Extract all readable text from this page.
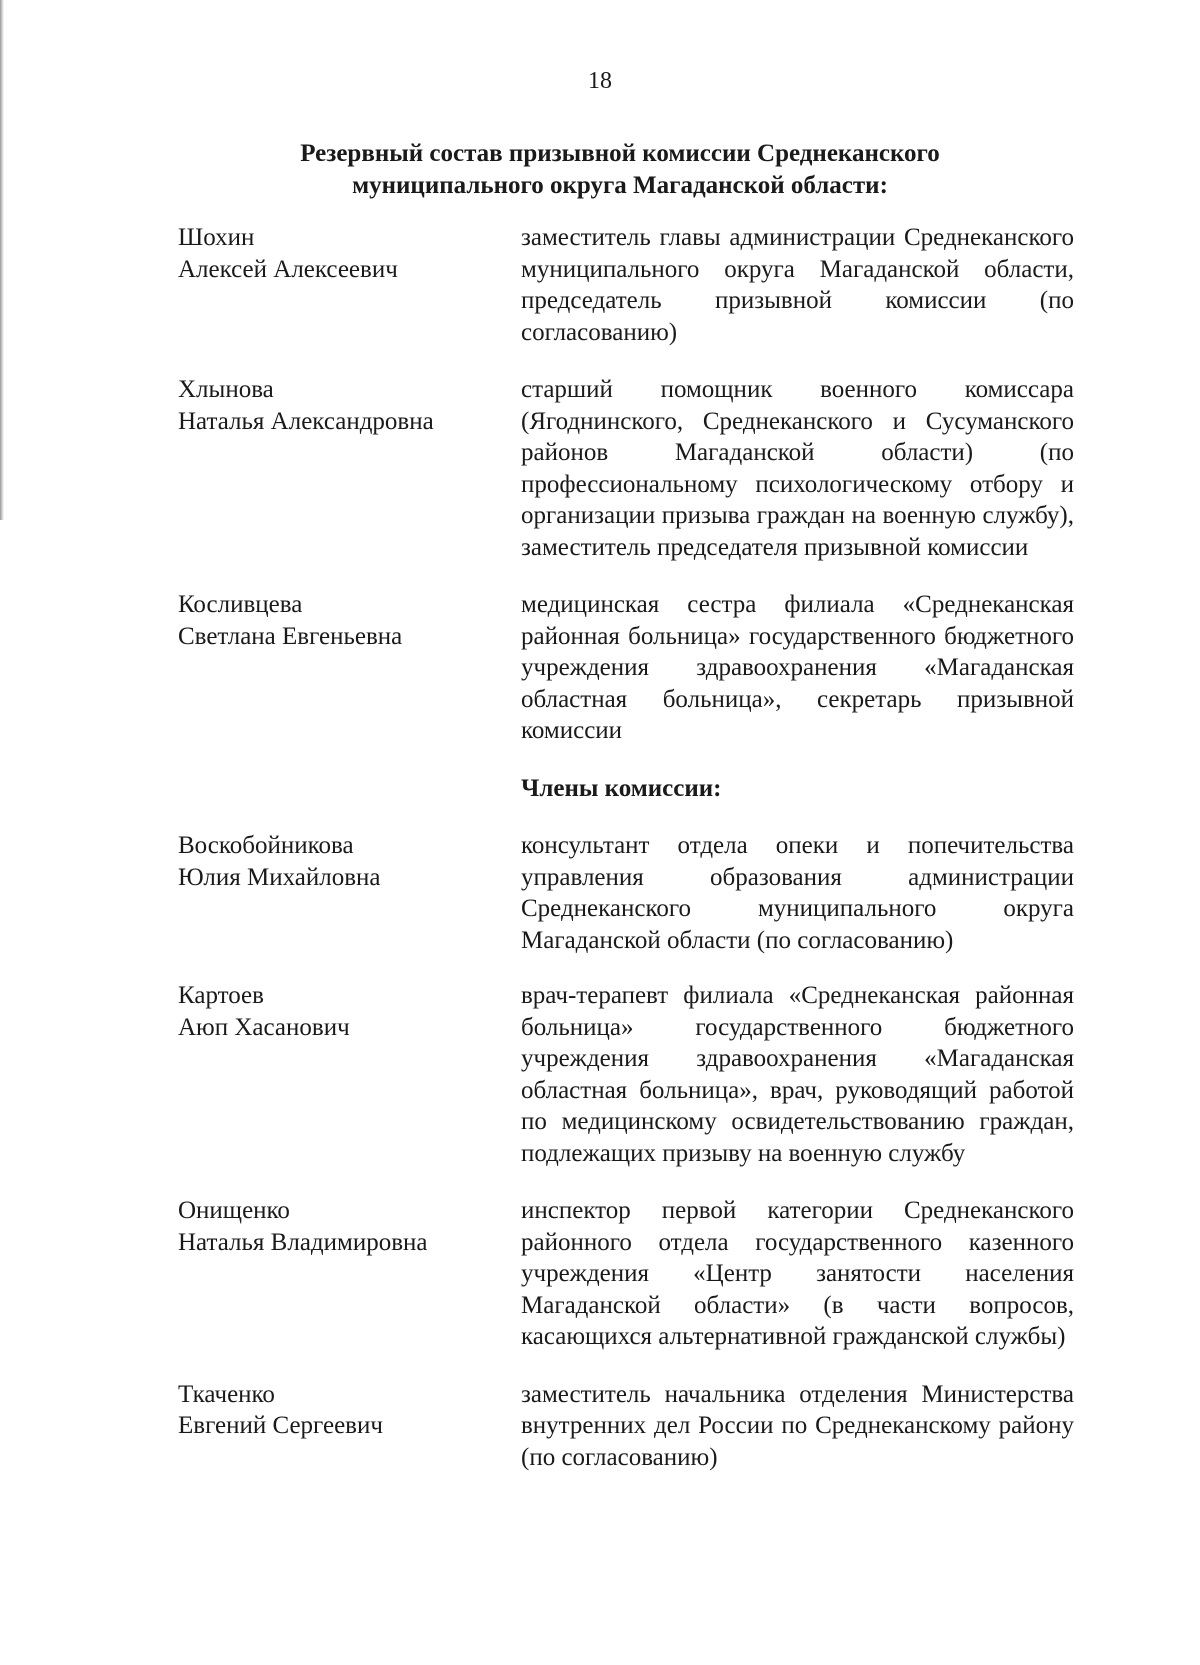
18
Резервный состав призывной комиссии Среднеканского
муниципального округа Магаданской области:
Шохин
Алексей Алексеевич
заместитель главы администрации Среднеканского муниципального округа Магаданской области, председатель призывной комиссии (по согласованию)
Хлынова
Наталья Александровна
старший помощник военного комиссара (Ягоднинского, Среднеканского и Сусуманского районов Магаданской области) (по профессиональному психологическому отбору и организации призыва граждан на военную службу), заместитель председателя призывной комиссии
Косливцева
Светлана Евгеньевна
медицинская сестра филиала «Среднеканская районная больница» государственного бюджетного учреждения здравоохранения «Магаданская областная больница», секретарь призывной комиссии
Члены комиссии:
Воскобойникова
Юлия Михайловна
консультант отдела опеки и попечительства управления образования администрации Среднеканского муниципального округа Магаданской области (по согласованию)
Картоев
Аюп Хасанович
врач-терапевт филиала «Среднеканская районная больница» государственного бюджетного учреждения здравоохранения «Магаданская областная больница», врач, руководящий работой по медицинскому освидетельствованию граждан, подлежащих призыву на военную службу
Онищенко
Наталья Владимировна
инспектор первой категории Среднеканского районного отдела государственного казенного учреждения «Центр занятости населения Магаданской области» (в части вопросов, касающихся альтернативной гражданской службы)
Ткаченко
Евгений Сергеевич
заместитель начальника отделения Министерства внутренних дел России по Среднеканскому району (по согласованию)
